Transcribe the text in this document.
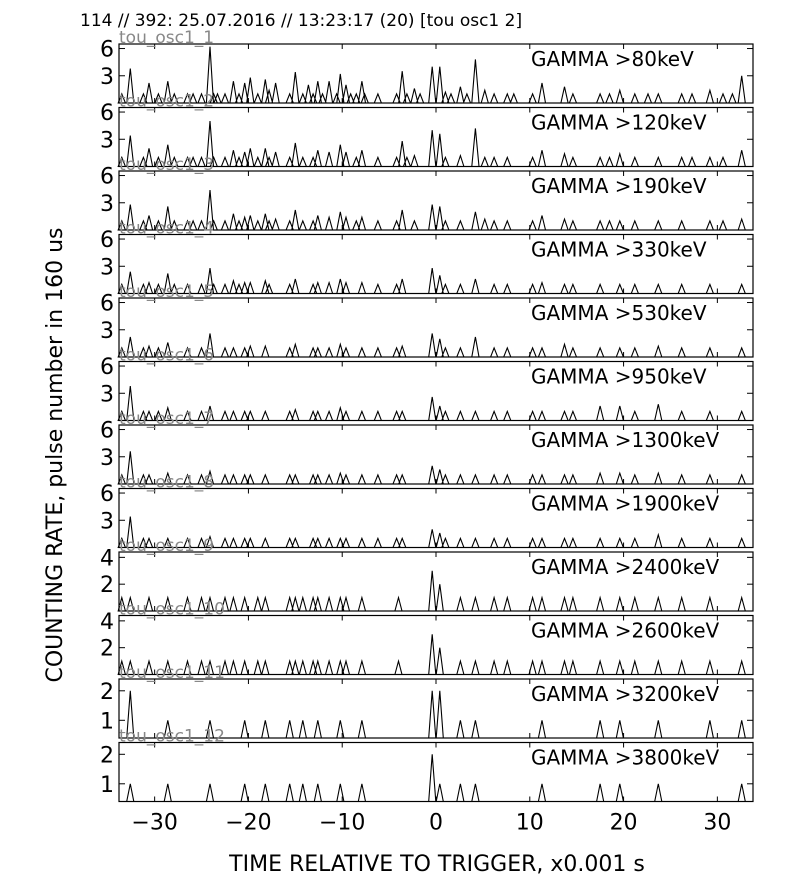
114 // 392: 25.07.2016 // 13:23:17 (20) [tou osc1 2]
3
6	GAMMA >80keV
tou_osc1_1
3
6	GAMMA >120keV
tou_osc1_2
3
6	GAMMA >190keV
tou_osc1_3
3
6	GAMMA >330keV
tou_osc1_4
3
6	GAMMA >530keV
tou_osc1_5
3
6	GAMMA >950keV
tou_osc1_6
3
6	GAMMA >1300keV
tou_osc1_7
3
6	GAMMA >1900keV
tou_osc1_8
2
4	GAMMA >2400keV
tou_osc1_9
2
4	GAMMA >2600keV
tou_osc1_10
1
2	GAMMA >3200keV
tou_osc1_11
1
2	GAMMA >3800keV
tou_osc1_12
−30 −20 −10	0	10	20	30
TIME RELATIVE TO TRIGGER, x0.001 s
COUNTING RATE, pulse number in 160 us
